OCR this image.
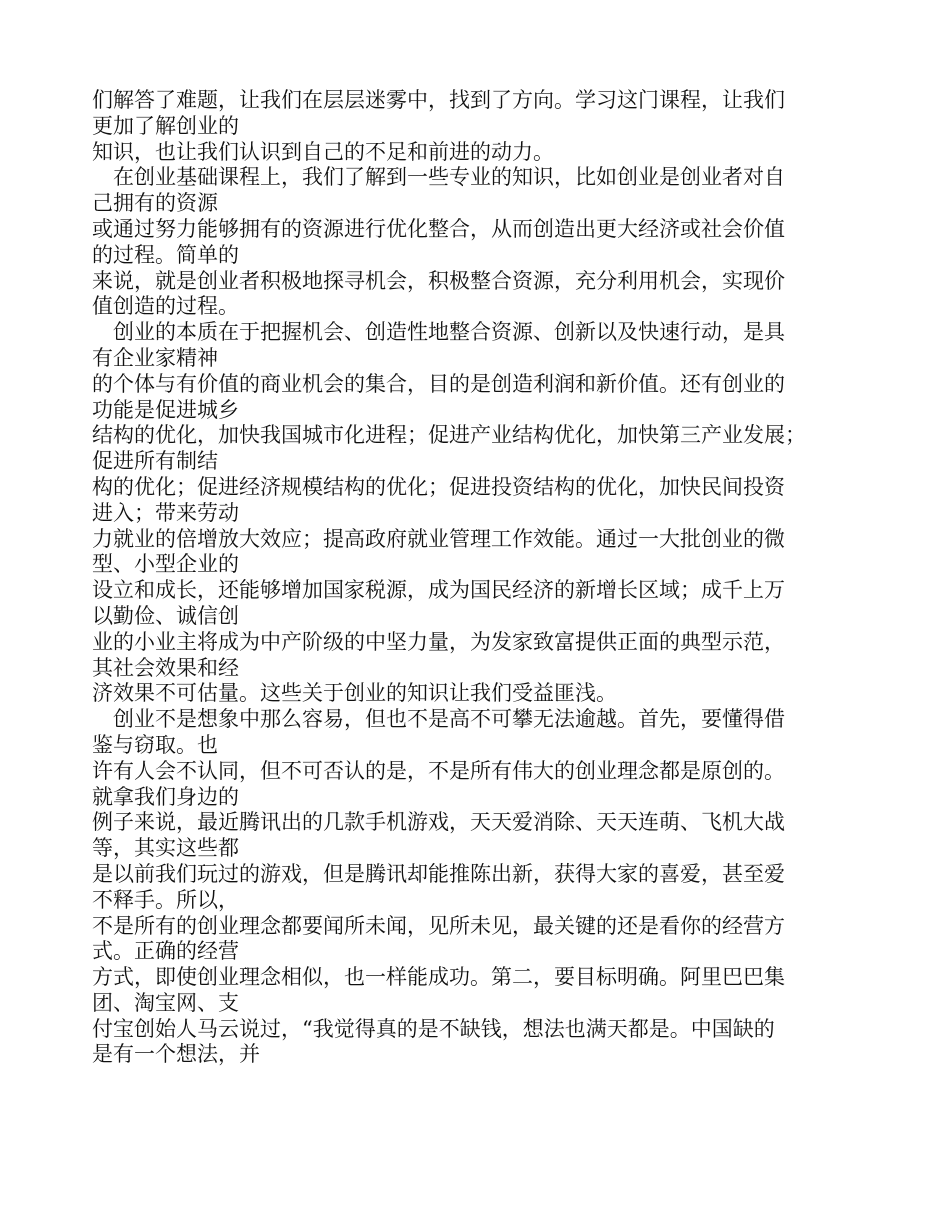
们解答了难题，让我们在层层迷雾中，找到了方向。学习这门课程，让我们
更加了解创业的
知识，也让我们认识到自己的不足和前进的动力。
　在创业基础课程上，我们了解到一些专业的知识，比如创业是创业者对自
己拥有的资源
或通过努力能够拥有的资源进行优化整合，从而创造出更大经济或社会价值
的过程。简单的
来说，就是创业者积极地探寻机会，积极整合资源，充分利用机会，实现价
值创造的过程。
　创业的本质在于把握机会、创造性地整合资源、创新以及快速行动，是具
有企业家精神
的个体与有价值的商业机会的集合，目的是创造利润和新价值。还有创业的
功能是促进城乡
结构的优化，加快我国城市化进程；促进产业结构优化，加快第三产业发展；
促进所有制结
构的优化；促进经济规模结构的优化；促进投资结构的优化，加快民间投资
进入；带来劳动
力就业的倍增放大效应；提高政府就业管理工作效能。通过一大批创业的微
型、小型企业的
设立和成长，还能够增加国家税源，成为国民经济的新增长区域；成千上万
以勤俭、诚信创
业的小业主将成为中产阶级的中坚力量，为发家致富提供正面的典型示范，
其社会效果和经
济效果不可估量。这些关于创业的知识让我们受益匪浅。
　创业不是想象中那么容易，但也不是高不可攀无法逾越。首先，要懂得借
鉴与窃取。也
许有人会不认同，但不可否认的是，不是所有伟大的创业理念都是原创的。
就拿我们身边的
例子来说，最近腾讯出的几款手机游戏，天天爱消除、天天连萌、飞机大战
等，其实这些都
是以前我们玩过的游戏，但是腾讯却能推陈出新，获得大家的喜爱，甚至爱
不释手。所以，
不是所有的创业理念都要闻所未闻，见所未见，最关键的还是看你的经营方
式。正确的经营
方式，即使创业理念相似，也一样能成功。第二，要目标明确。阿里巴巴集
团、淘宝网、支
付宝创始人马云说过，“我觉得真的是不缺钱，想法也满天都是。中国缺的
是有一个想法，并
